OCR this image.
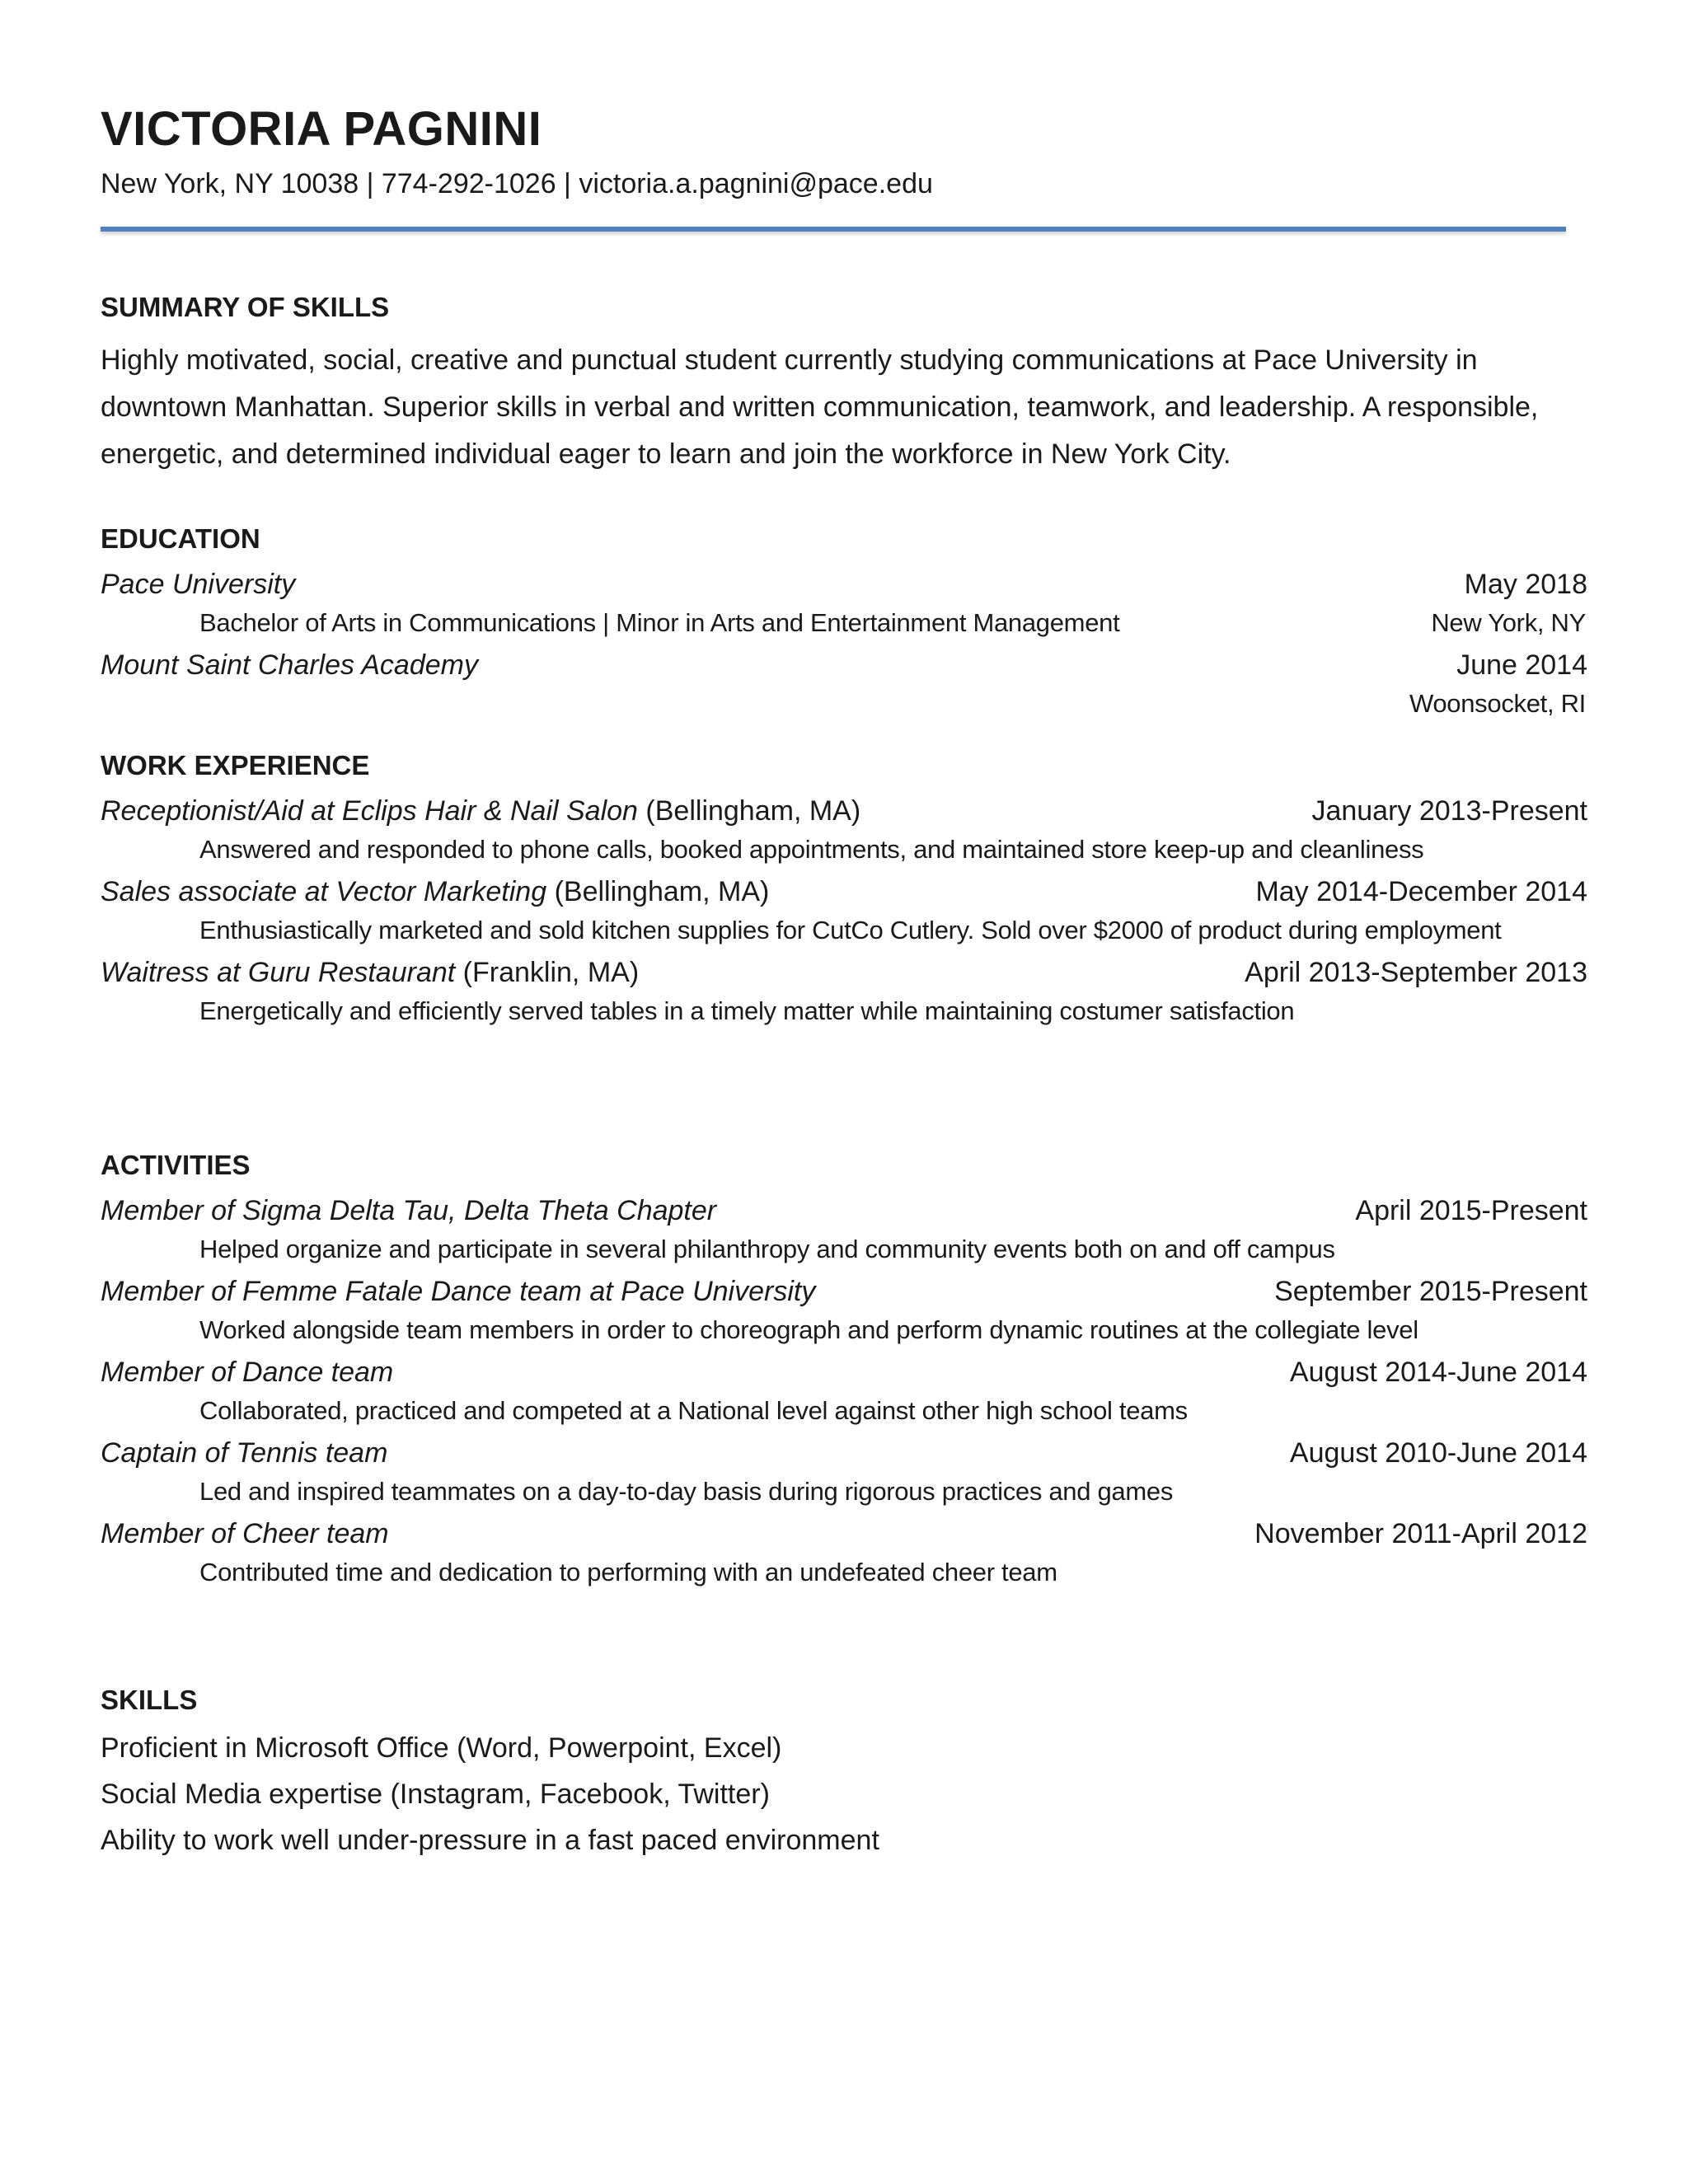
VICTORIA PAGNINI
New York, NY 10038 | 774-292-1026 | victoria.a.pagnini@pace.edu
SUMMARY OF SKILLS
Highly motivated, social, creative and punctual student currently studying communications at Pace University in downtown Manhattan. Superior skills in verbal and written communication, teamwork, and leadership. A responsible, energetic, and determined individual eager to learn and join the workforce in New York City.
EDUCATION
Pace University	May 2018
Bachelor of Arts in Communications | Minor in Arts and Entertainment Management	New York, NY
Mount Saint Charles Academy	June 2014
Woonsocket, RI
WORK EXPERIENCE
Receptionist/Aid at Eclips Hair & Nail Salon (Bellingham, MA)	January 2013-Present
Answered and responded to phone calls, booked appointments, and maintained store keep-up and cleanliness
Sales associate at Vector Marketing (Bellingham, MA)	May 2014-December 2014
Enthusiastically marketed and sold kitchen supplies for CutCo Cutlery. Sold over $2000 of product during employment
Waitress at Guru Restaurant (Franklin, MA)	April 2013-September 2013
Energetically and efficiently served tables in a timely matter while maintaining costumer satisfaction
ACTIVITIES
Member of Sigma Delta Tau, Delta Theta Chapter	April 2015-Present
Helped organize and participate in several philanthropy and community events both on and off campus
Member of Femme Fatale Dance team at Pace University	September 2015-Present
Worked alongside team members in order to choreograph and perform dynamic routines at the collegiate level
Member of Dance team	August 2014-June 2014
Collaborated, practiced and competed at a National level against other high school teams
Captain of Tennis team	August 2010-June 2014
Led and inspired teammates on a day-to-day basis during rigorous practices and games
Member of Cheer team	November 2011-April 2012
Contributed time and dedication to performing with an undefeated cheer team
SKILLS
Proficient in Microsoft Office (Word, Powerpoint, Excel)
Social Media expertise (Instagram, Facebook, Twitter)
Ability to work well under-pressure in a fast paced environment
